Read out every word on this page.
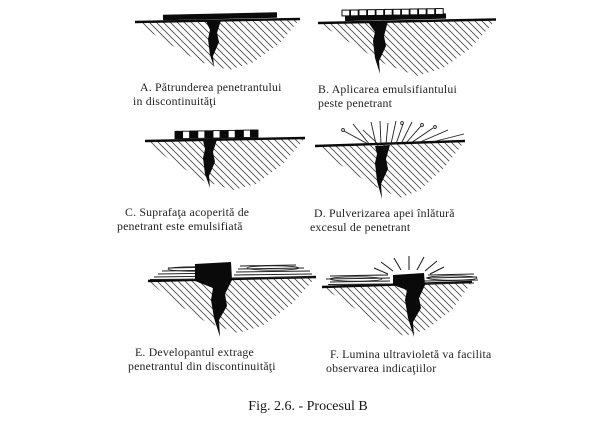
A. Pătrunderea penetrantului
in discontinuităţi
B. Aplicarea emulsifiantului
peste penetrant
C. Suprafaţa acoperită de
penetrant este emulsifiată
D. Pulverizarea apei înlătură
excesul de penetrant
E. Developantul extrage
penetrantul din discontinuităţi
F. Lumina ultravioletă va facilita
observarea indicaţiilor
Fig. 2.6. - Procesul B
